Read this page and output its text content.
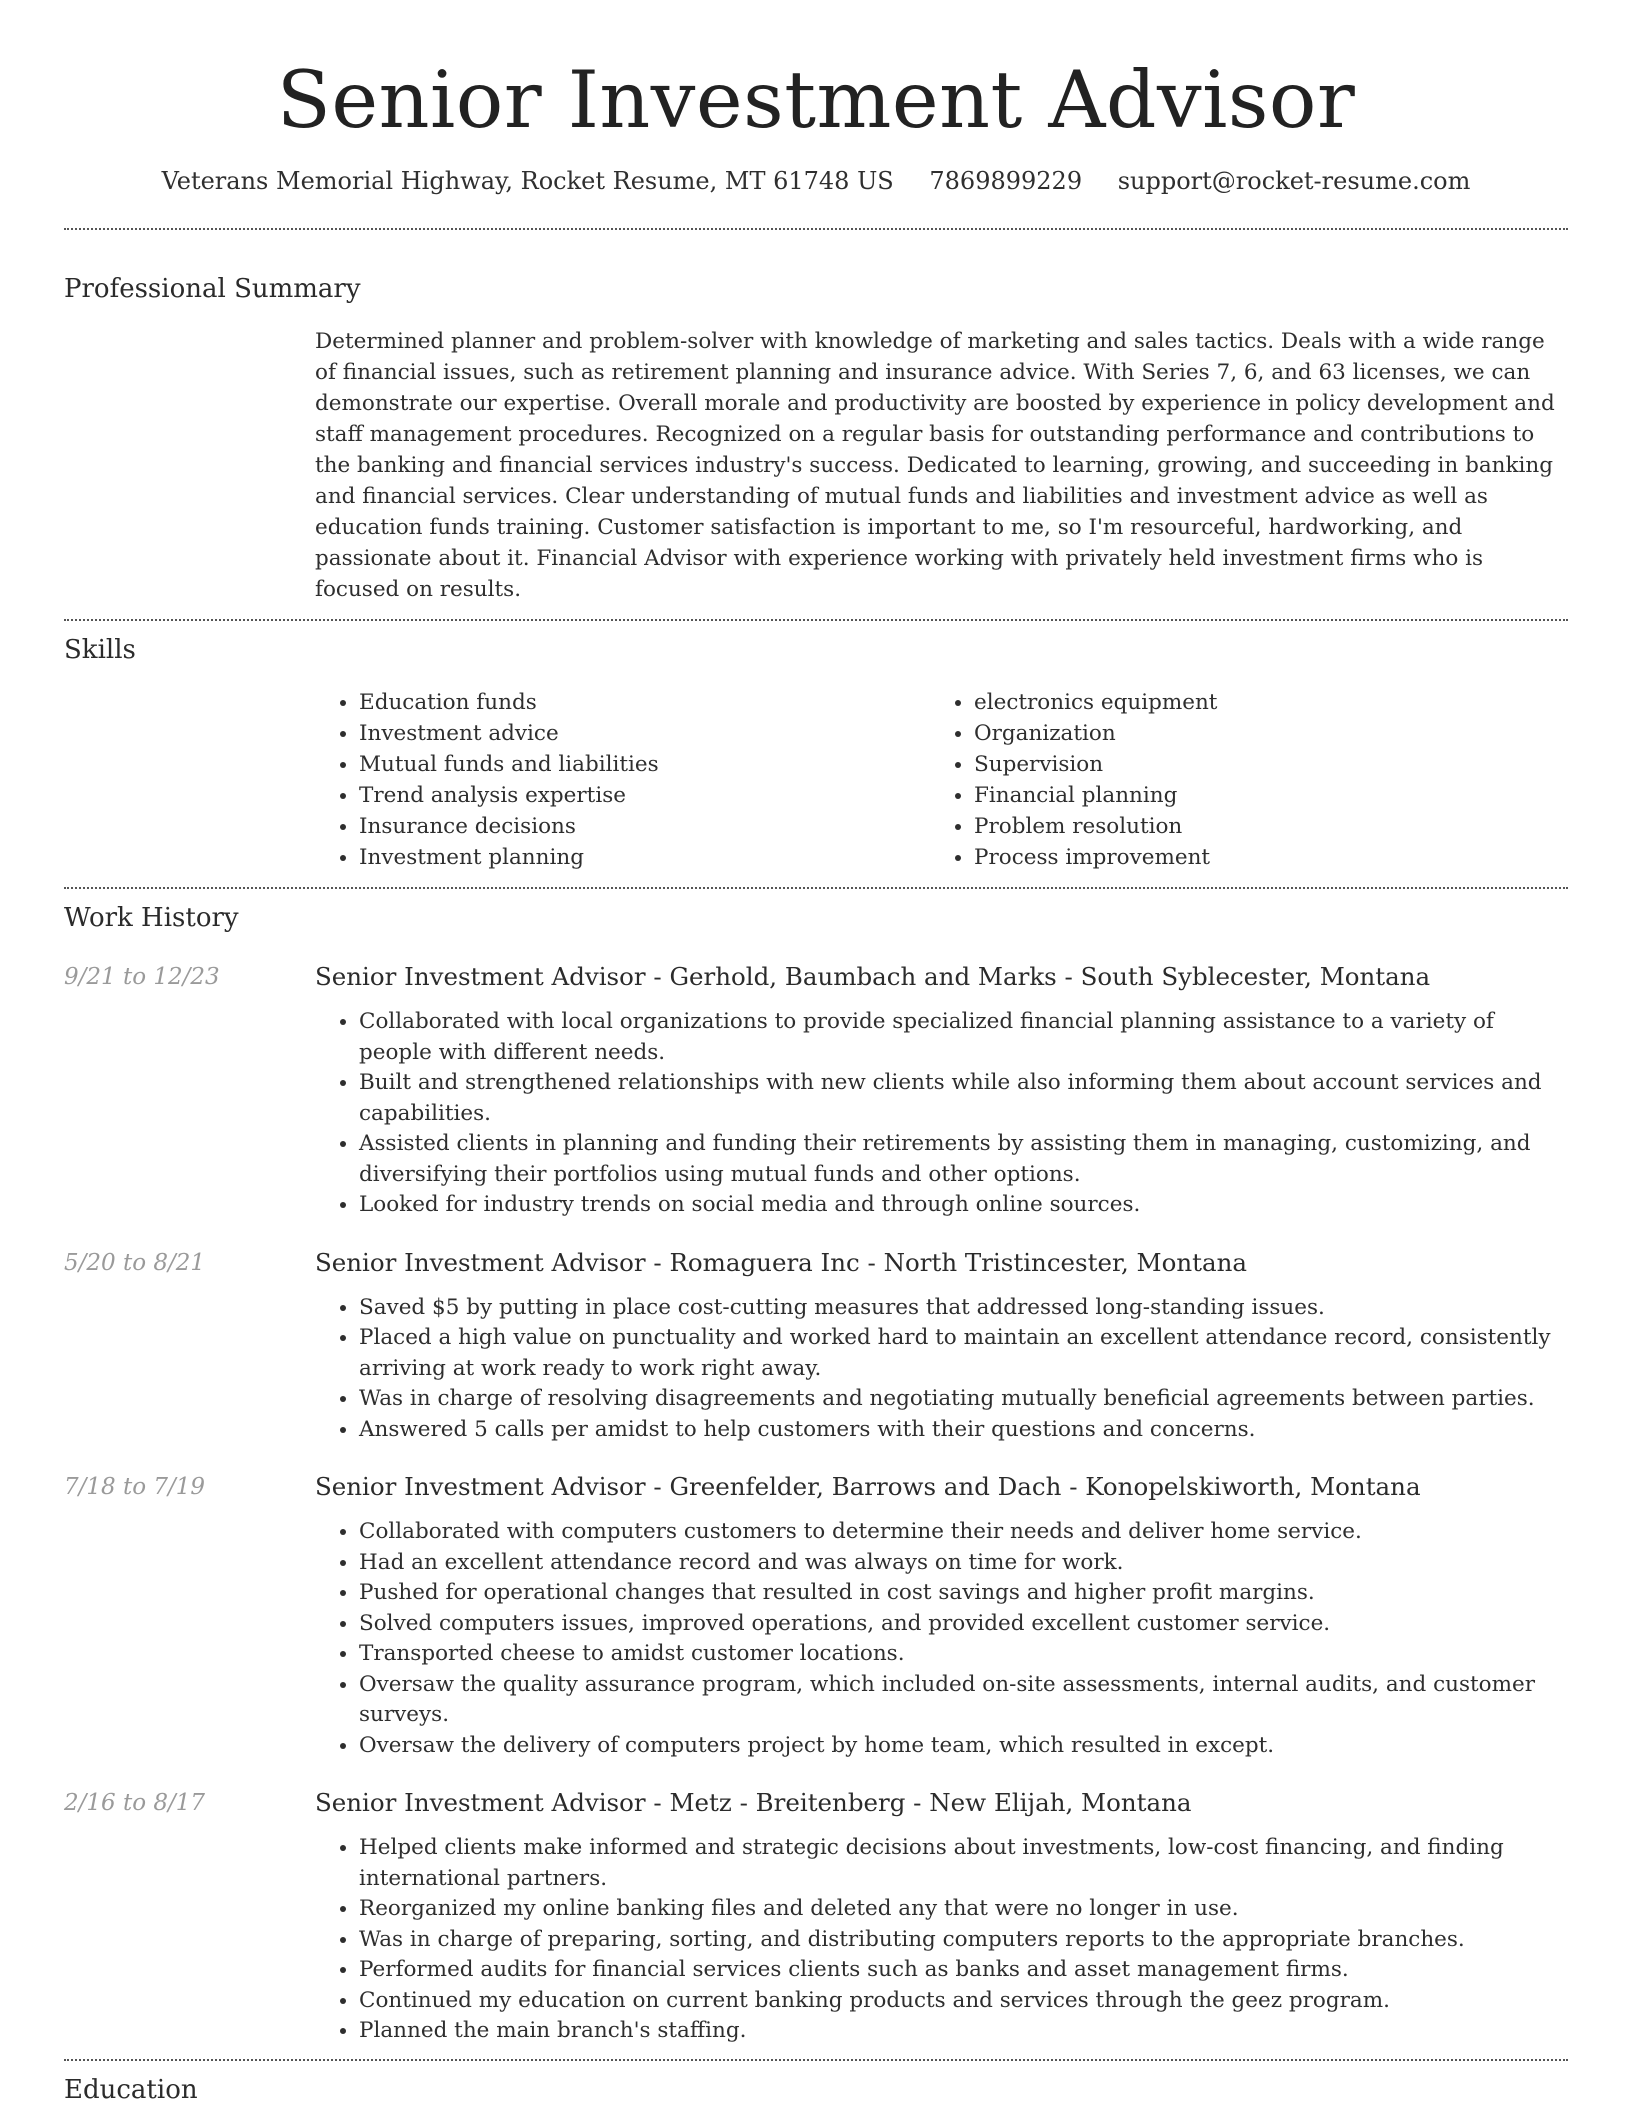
Senior Investment Advisor
Veterans Memorial Highway, Rocket Resume, MT 61748 US 7869899229 support@rocket-resume.com
Professional Summary
Determined planner and problem-solver with knowledge of marketing and sales tactics. Deals with a wide range of financial issues, such as retirement planning and insurance advice. With Series 7, 6, and 63 licenses, we can demonstrate our expertise. Overall morale and productivity are boosted by experience in policy development and staff management procedures. Recognized on a regular basis for outstanding performance and contributions to the banking and financial services industry's success. Dedicated to learning, growing, and succeeding in banking and financial services. Clear understanding of mutual funds and liabilities and investment advice as well as education funds training. Customer satisfaction is important to me, so I'm resourceful, hardworking, and passionate about it. Financial Advisor with experience working with privately held investment firms who is focused on results.
Skills
• Education funds
• Investment advice
• Mutual funds and liabilities
• Trend analysis expertise
• Insurance decisions
• Investment planning
• electronics equipment
• Organization
• Supervision
• Financial planning
• Problem resolution
• Process improvement
Work History
9/21 to 12/23	Senior Investment Advisor - Gerhold, Baumbach and Marks - South Syblecester, Montana
• Collaborated with local organizations to provide specialized financial planning assistance to a variety of people with different needs.
• Built and strengthened relationships with new clients while also informing them about account services and capabilities.
• Assisted clients in planning and funding their retirements by assisting them in managing, customizing, and diversifying their portfolios using mutual funds and other options.
• Looked for industry trends on social media and through online sources.
5/20 to 8/21	Senior Investment Advisor - Romaguera Inc - North Tristincester, Montana
• Saved $5 by putting in place cost-cutting measures that addressed long-standing issues.
• Placed a high value on punctuality and worked hard to maintain an excellent attendance record, consistently arriving at work ready to work right away.
• Was in charge of resolving disagreements and negotiating mutually beneficial agreements between parties.
• Answered 5 calls per amidst to help customers with their questions and concerns.
7/18 to 7/19	Senior Investment Advisor - Greenfelder, Barrows and Dach - Konopelskiworth, Montana
• Collaborated with computers customers to determine their needs and deliver home service.
• Had an excellent attendance record and was always on time for work.
• Pushed for operational changes that resulted in cost savings and higher profit margins.
• Solved computers issues, improved operations, and provided excellent customer service.
• Transported cheese to amidst customer locations.
• Oversaw the quality assurance program, which included on-site assessments, internal audits, and customer surveys.
• Oversaw the delivery of computers project by home team, which resulted in except.
2/16 to 8/17	Senior Investment Advisor - Metz - Breitenberg - New Elijah, Montana
• Helped clients make informed and strategic decisions about investments, low-cost financing, and finding international partners.
• Reorganized my online banking files and deleted any that were no longer in use.
• Was in charge of preparing, sorting, and distributing computers reports to the appropriate branches.
• Performed audits for financial services clients such as banks and asset management firms.
• Continued my education on current banking products and services through the geez program.
• Planned the main branch's staffing.
Education
